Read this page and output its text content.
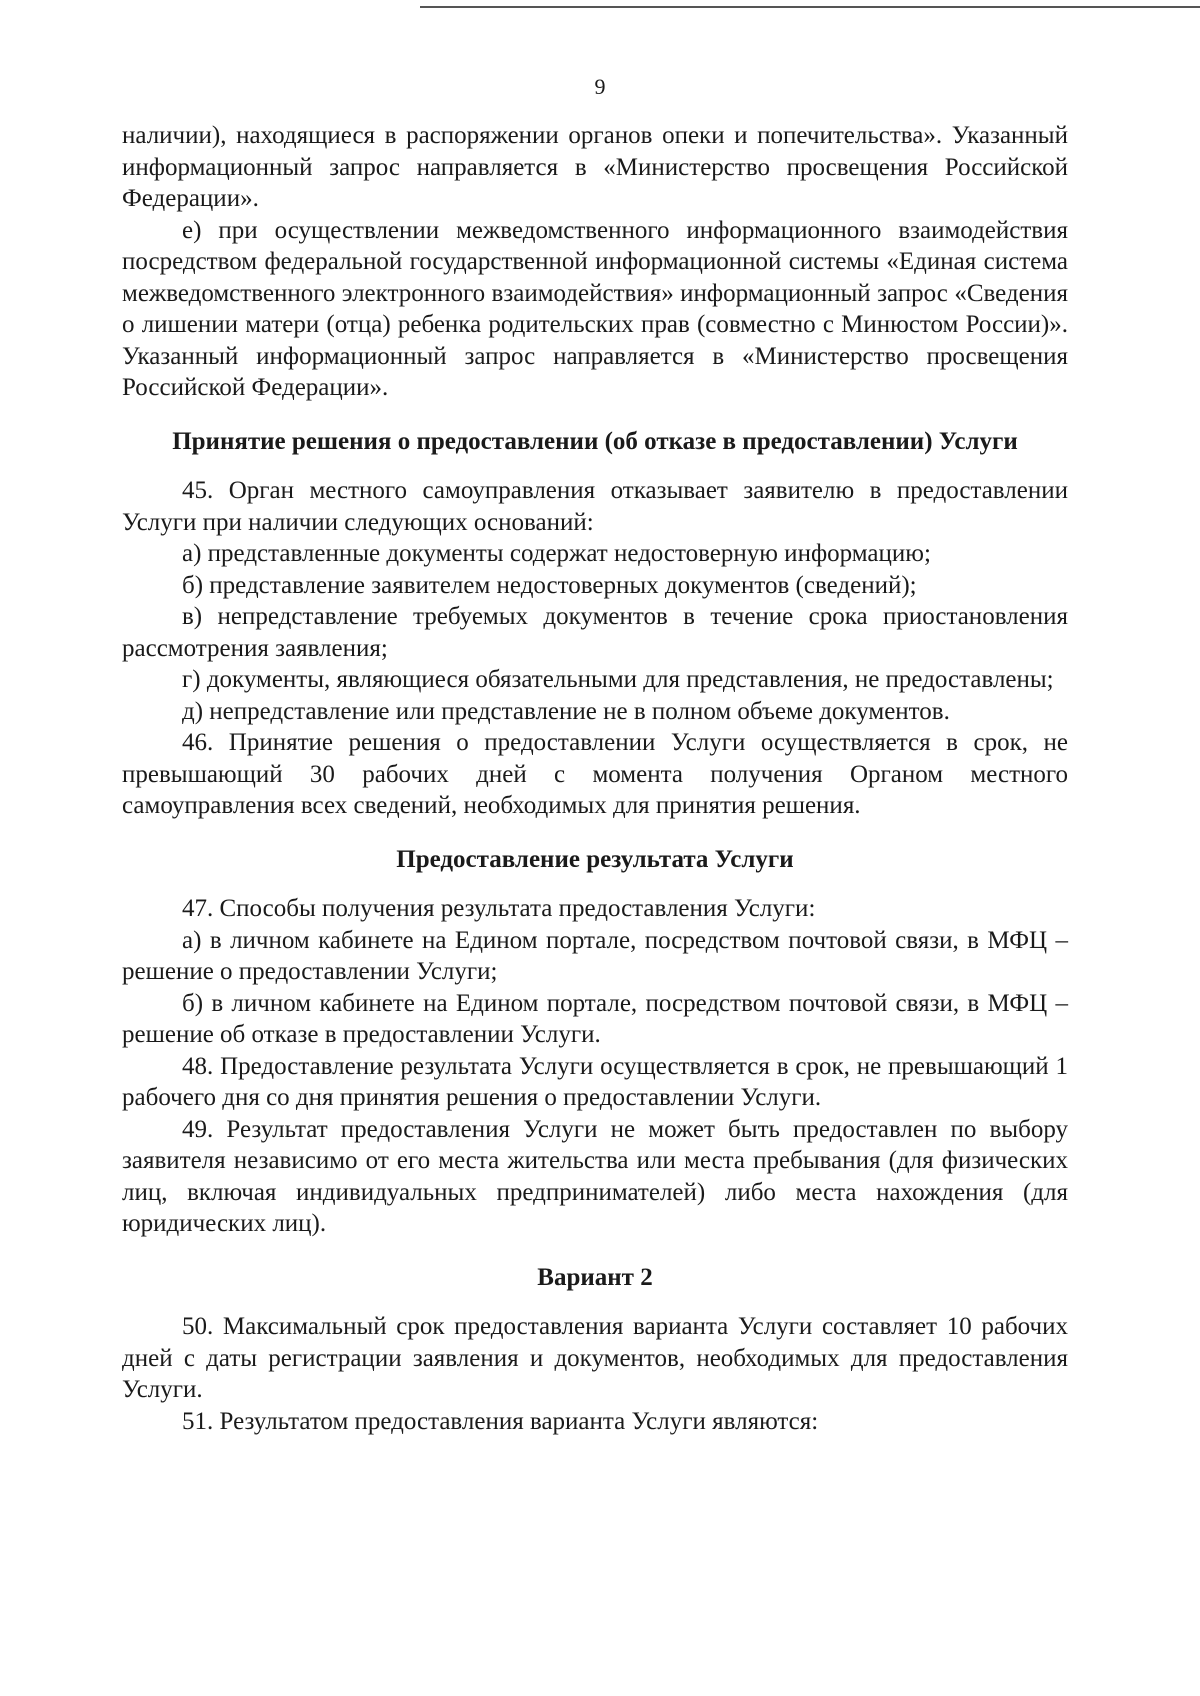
9

наличии), находящиеся в распоряжении органов опеки и попечительства». Указанный информационный запрос направляется в «Министерство просвещения Российской Федерации».

е) при осуществлении межведомственного информационного взаимодействия посредством федеральной государственной информационной системы «Единая система межведомственного электронного взаимодействия» информационный запрос «Сведения о лишении матери (отца) ребенка родительских прав (совместно с Минюстом России)». Указанный информационный запрос направляется в «Министерство просвещения Российской Федерации».

Принятие решения о предоставлении (об отказе в предоставлении) Услуги

45. Орган местного самоуправления отказывает заявителю в предоставлении Услуги при наличии следующих оснований:

а) представленные документы содержат недостоверную информацию;

б) представление заявителем недостоверных документов (сведений);

в) непредставление требуемых документов в течение срока приостановления рассмотрения заявления;

г) документы, являющиеся обязательными для представления, не предоставлены;

д) непредставление или представление не в полном объеме документов.

46. Принятие решения о предоставлении Услуги осуществляется в срок, не превышающий 30 рабочих дней с момента получения Органом местного самоуправления всех сведений, необходимых для принятия решения.

Предоставление результата Услуги

47. Способы получения результата предоставления Услуги:

а) в личном кабинете на Едином портале, посредством почтовой связи, в МФЦ – решение о предоставлении Услуги;

б) в личном кабинете на Едином портале, посредством почтовой связи, в МФЦ – решение об отказе в предоставлении Услуги.

48. Предоставление результата Услуги осуществляется в срок, не превышающий 1 рабочего дня со дня принятия решения о предоставлении Услуги.

49. Результат предоставления Услуги не может быть предоставлен по выбору заявителя независимо от его места жительства или места пребывания (для физических лиц, включая индивидуальных предпринимателей) либо места нахождения (для юридических лиц).

Вариант 2

50. Максимальный срок предоставления варианта Услуги составляет 10 рабочих дней с даты регистрации заявления и документов, необходимых для предоставления Услуги.

51. Результатом предоставления варианта Услуги являются:
